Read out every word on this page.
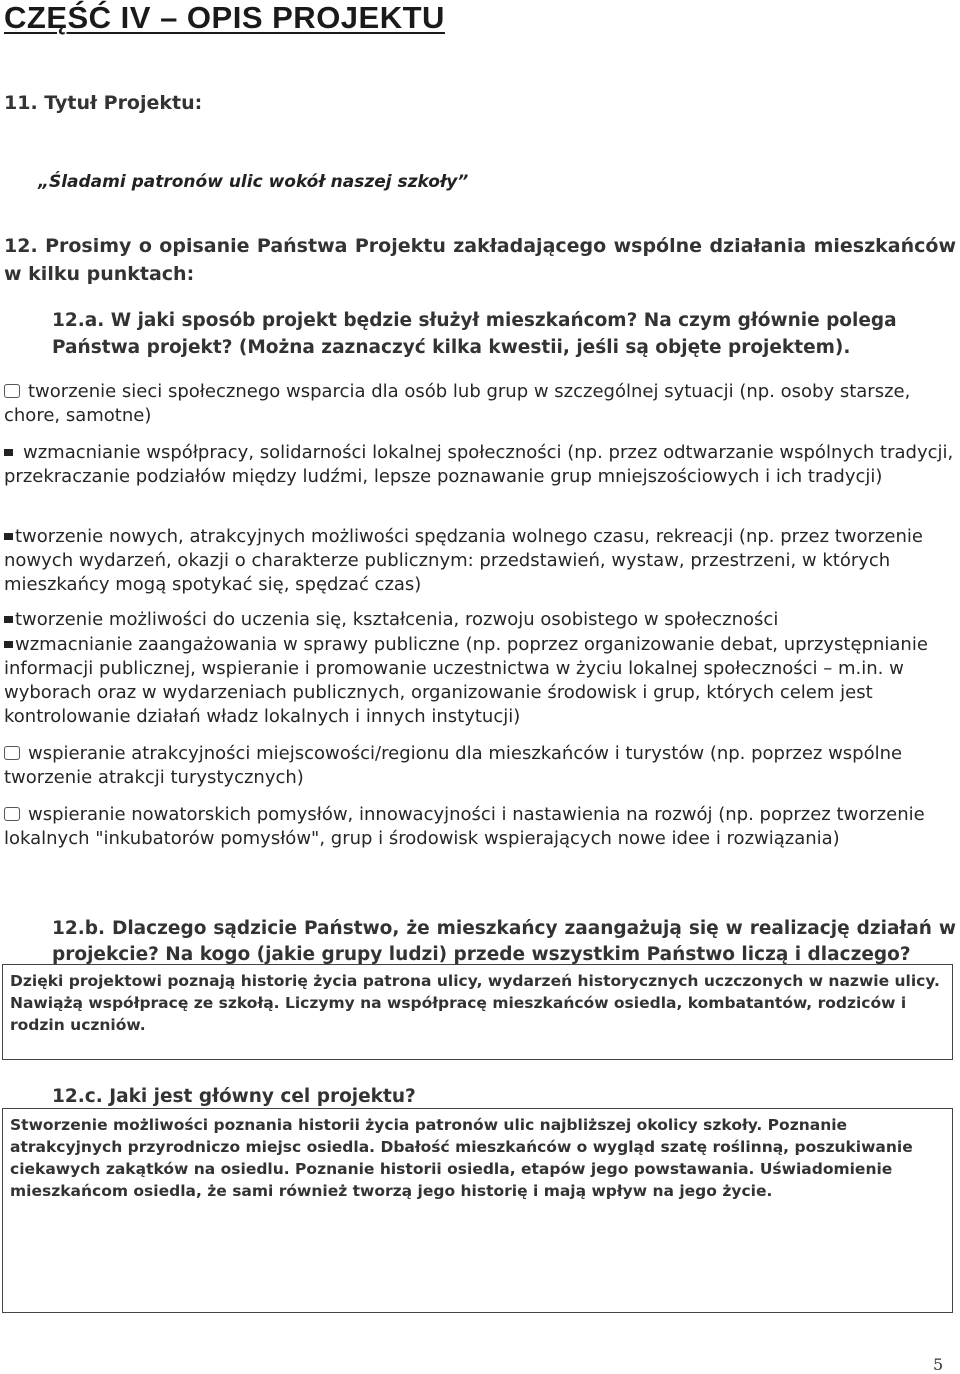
CZĘŚĆ IV – OPIS PROJEKTU
11. Tytuł Projektu:
„Śladami patronów ulic wokół naszej szkoły”
12. Prosimy o opisanie Państwa Projektu zakładającego wspólne działania mieszkańców w kilku punktach:
12.a. W jaki sposób projekt będzie służył mieszkańcom? Na czym głównie polega Państwa projekt? (Można zaznaczyć kilka kwestii, jeśli są objęte projektem).
tworzenie sieci społecznego wsparcia dla osób lub grup w szczególnej sytuacji (np. osoby starsze, chore, samotne)
wzmacnianie współpracy, solidarności lokalnej społeczności (np. przez odtwarzanie wspólnych tradycji, przekraczanie podziałów między ludźmi, lepsze poznawanie grup mniejszościowych i ich tradycji)
tworzenie nowych, atrakcyjnych możliwości spędzania wolnego czasu, rekreacji (np. przez tworzenie nowych wydarzeń, okazji o charakterze publicznym: przedstawień, wystaw, przestrzeni, w których mieszkańcy mogą spotykać się, spędzać czas)
tworzenie możliwości do uczenia się, kształcenia, rozwoju osobistego w społeczności
wzmacnianie zaangażowania w sprawy publiczne (np. poprzez organizowanie debat, uprzystępnianie informacji publicznej, wspieranie i promowanie uczestnictwa w życiu lokalnej społeczności – m.in. w wyborach oraz w wydarzeniach publicznych, organizowanie środowisk i grup, których celem jest kontrolowanie działań władz lokalnych i innych instytucji)
wspieranie atrakcyjności miejscowości/regionu dla mieszkańców i turystów (np. poprzez wspólne tworzenie atrakcji turystycznych)
wspieranie nowatorskich pomysłów, innowacyjności i nastawienia na rozwój (np. poprzez tworzenie lokalnych "inkubatorów pomysłów", grup i środowisk wspierających nowe idee i rozwiązania)
12.b. Dlaczego sądzicie Państwo, że mieszkańcy zaangażują się w realizację działań w projekcie? Na kogo (jakie grupy ludzi) przede wszystkim Państwo liczą i dlaczego?
Dzięki projektowi poznają historię życia patrona ulicy, wydarzeń historycznych uczczonych w nazwie ulicy. Nawiążą współpracę ze szkołą. Liczymy na współpracę mieszkańców osiedla, kombatantów, rodziców i rodzin uczniów.
12.c. Jaki jest główny cel projektu?
Stworzenie możliwości poznania historii życia patronów ulic najbliższej okolicy szkoły. Poznanie atrakcyjnych przyrodniczo miejsc osiedla. Dbałość mieszkańców o wygląd szatę roślinną, poszukiwanie ciekawych zakątków na osiedlu. Poznanie historii osiedla, etapów jego powstawania. Uświadomienie mieszkańcom osiedla, że sami również tworzą jego historię i mają wpływ na jego życie.
5
